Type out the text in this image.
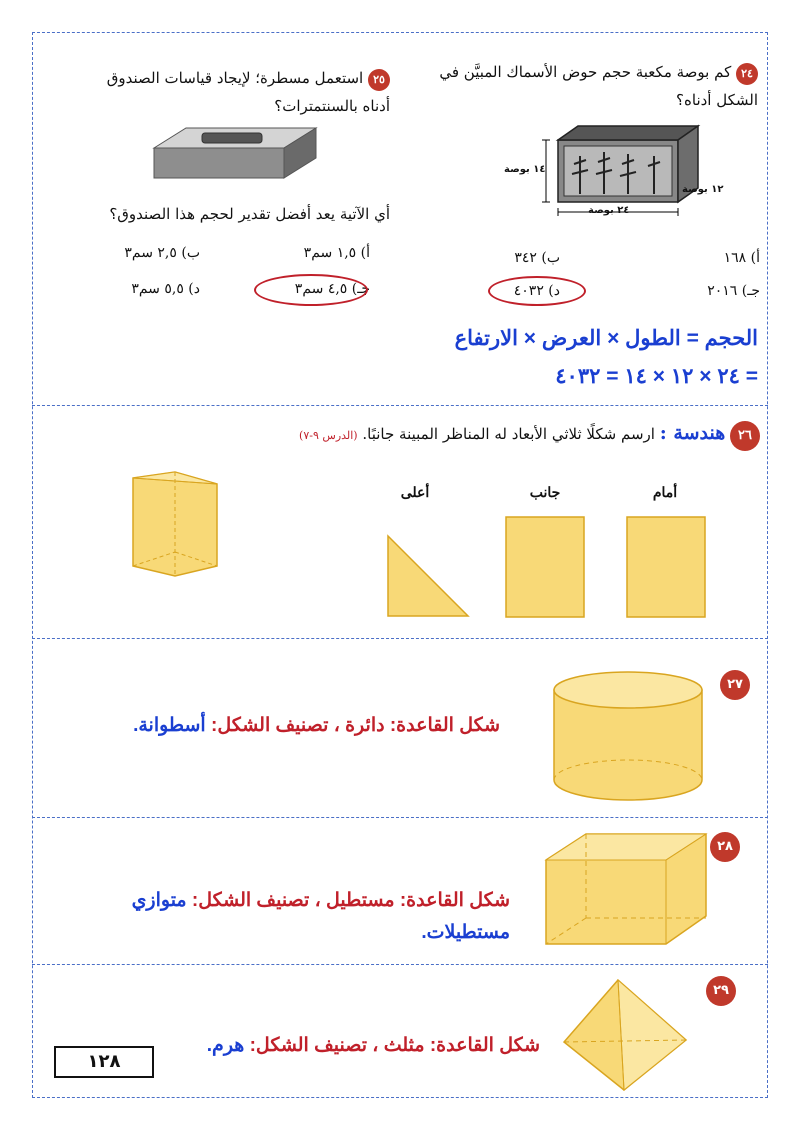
٢٤ كم بوصة مكعبة حجم حوض الأسماك المبيَّن في الشكل أدناه؟
١٤ بوصة
١٢ بوصة
٢٤ بوصة
أ) ١٦٨
ب) ٣٤٢
جـ) ٢٠١٦
د) ٤٠٣٢
الحجم = الطول × العرض × الارتفاع
= ٢٤ × ١٢ × ١٤ = ٤٠٣٢
٢٥ استعمل مسطرة؛ لإيجاد قياسات الصندوق أدناه بالسنتمترات؟
أي الآتية يعد أفضل تقدير لحجم هذا الصندوق؟
أ) ١,٥ سم٣
ب) ٢,٥ سم٣
جـ) ٤,٥ سم٣
د) ٥,٥ سم٣
٢٦ هندسة : ارسم شكلًا ثلاثي الأبعاد له المناظر المبينة جانبًا. (الدرس ٩-٧)
أعلى	جانب	أمام
٢٧
شكل القاعدة: دائرة ، تصنيف الشكل: أسطوانة.
٢٨
شكل القاعدة: مستطيل ، تصنيف الشكل: متوازي مستطيلات.
٢٩
شكل القاعدة: مثلث ، تصنيف الشكل: هرم.
١٢٨
